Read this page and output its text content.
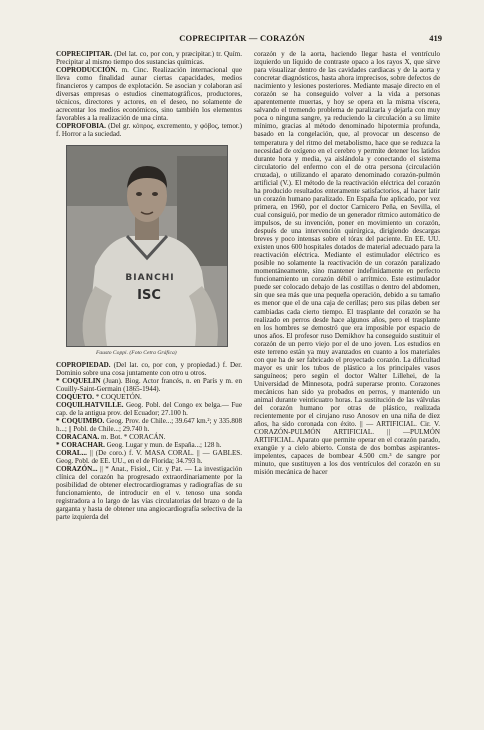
COPRECIPITAR — CORAZÓN	419

COPRECIPITAR. (Del lat. co, por con, y præcipitar.) tr. Quím. Precipitar al mismo tiempo dos sustancias químicas.

COPRODUCCIÓN. m. Cinc. Realización internacional que lleva como finalidad aunar ciertas capacidades, medios financieros y campos de explotación. Se asocian y colaboran así diversas empresas o estudios cinematográficos, productores, técnicos, directores y actores, en el deseo, no solamente de acrecentar los medios económicos, sino también los elementos favorables a la realización de una cinta.

COPROFOBIA. (Del gr. κόπρος, excremento, y φόβος, temor.) f. Horror a la suciedad.

BIANCHI
ISC
Fausto Coppi. (Foto Cetra Gráfica)

COPROPIEDAD. (Del lat. co, por con, y propiedad.) f. Der. Dominio sobre una cosa juntamente con otro u otros.

* COQUELIN (Juan). Biog. Actor francés, n. en París y m. en Couilly-Saint-Germain (1865-1944).

COQUETO. * COQUETÓN.

COQUILHATVILLE. Geog. Pobl. del Congo ex belga.— Fue cap. de la antigua prov. del Ecuador; 27.100 h.

* COQUIMBO. Geog. Prov. de Chile...; 39.647 km.²; y 335.808 h...; || Pobl. de Chile...; 29.740 h.

CORACANA. m. Bot. * CORACÁN.

* CORACHAR. Geog. Lugar y mun. de España...; 128 h.

CORAL... || (De coro.) f. V. MASA CORAL. || — GABLES. Geog. Pobl. de EE. UU., en el de Florida; 34.793 h.

CORAZÓN... || * Anat., Fisiol., Cir. y Pat. — La investigación clínica del corazón ha progresado extraordinariamente por la posibilidad de obtener electrocardiogramas y radiografías de su funcionamiento, de introducir en el v. tenoso una sonda registradora a lo largo de las vías circulatorias del brazo o de la garganta y hasta de obtener una angiocardiografía selectiva de la parte izquierda del

corazón y de la aorta, haciendo llegar hasta el ventrículo izquierdo un líquido de contraste opaco a los rayos X, que sirve para visualizar dentro de las cavidades cardiacas y de la aorta y concretar diagnósticos, hasta ahora imprecisos, sobre defectos de nacimiento y lesiones posteriores. Mediante masaje directo en el corazón se ha conseguido volver a la vida a personas aparentemente muertas, y hoy se opera en la misma víscera, salvando el tremendo problema de paralizarla y dejarla con muy poca o ninguna sangre, ya reduciendo la circulación a su límite mínimo, gracias al método denominado hipotermia profunda, basado en la congelación, que, al provocar un descenso de temperatura y del ritmo del metabolismo, hace que se reduzca la necesidad de oxígeno en el cerebro y permite detener los latidos durante hora y media, ya aislándola y conectando el sistema circulatorio del enfermo con el de otra persona (circulación cruzada), o utilizando el aparato denominado corazón-pulmón artificial (V.). El método de la reactivación eléctrica del corazón ha producido resultados enteramente satisfactorios, al hacer latir un corazón humano paralizado. En España fue aplicado, por vez primera, en 1960, por el doctor Carnicero Peña, en Sevilla, el cual consiguió, por medio de un generador rítmico automático de impulsos, de su invención, poner en movimiento un corazón, después de una intervención quirúrgica, dirigiendo descargas breves y poco intensas sobre el tórax del paciente. En EE. UU. existen unos 600 hospitales dotados de material adecuado para la reactivación eléctrica. Mediante el estimulador eléctrico es posible no solamente la reactivación de un corazón paralizado momentáneamente, sino mantener indefinidamente en perfecto funcionamiento un corazón débil o arrítmico. Este estimulador puede ser colocado debajo de las costillas o dentro del abdomen, sin que sea más que una pequeña operación, debido a su tamaño es menor que el de una caja de cerillas; pero sus pilas deben ser cambiadas cada cierto tiempo. El trasplante del corazón se ha realizado en perros desde hace algunos años, pero el trasplante en los hombres se demostró que era imposible por espacio de unos años. El profesor ruso Demikhov ha conseguido sustituir el corazón de un perro viejo por el de uno joven. Los estudios en este terreno están ya muy avanzados en cuanto a los materiales con que ha de ser fabricado el proyectado corazón. La dificultad mayor es unir los tubos de plástico a los principales vasos sanguíneos; pero según el doctor Walter Lillehei, de la Universidad de Minnesota, podrá superarse pronto. Corazones mecánicos han sido ya probados en perros, y mantenido un animal durante veinticuatro horas. La sustitución de las válvulas del corazón humano por otras de plástico, realizada recientemente por el cirujano ruso Anosov en una niña de diez años, ha sido coronada con éxito. || — ARTIFICIAL. Cir. V. CORAZÓN-PULMÓN ARTIFICIAL. || —PULMÓN ARTIFICIAL. Aparato que permite operar en el corazón parado, exangüe y a cielo abierto. Consta de dos bombas aspirantes-impelentes, capaces de bombear 4.500 cm.³ de sangre por minuto, que sustituyen a los dos ventrículos del corazón en su misión mecánica de hacer
